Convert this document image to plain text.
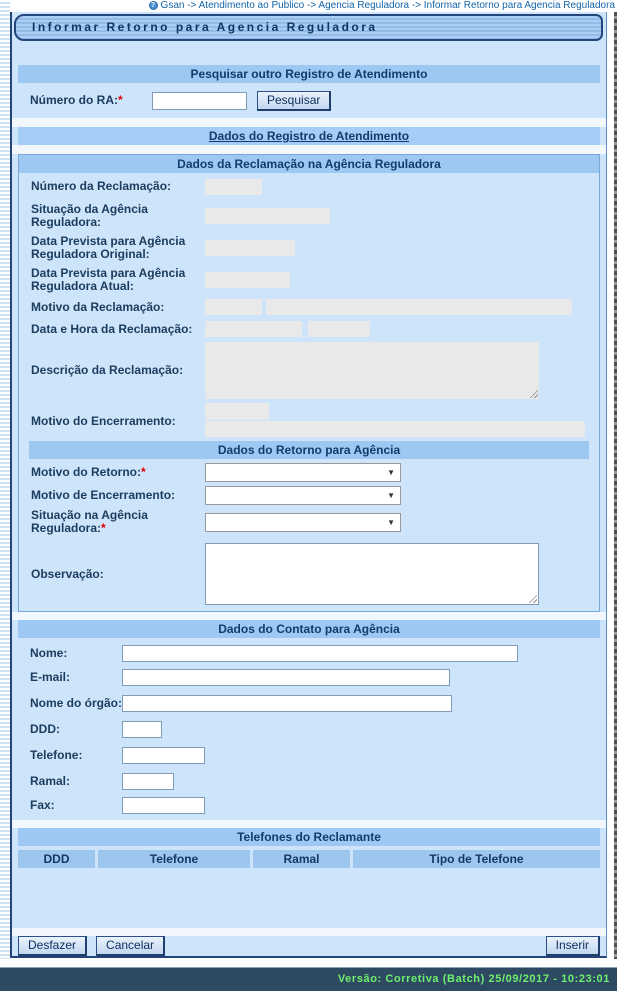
? Gsan -> Atendimento ao Publico -> Agencia Reguladora -> Informar Retorno para Agencia Reguladora
Informar Retorno para Agencia Reguladora
Pesquisar outro Registro de Atendimento
Número do RA:*	Pesquisar
Dados do Registro de Atendimento
Dados da Reclamação na Agência Reguladora
Número da Reclamação:
Situação da Agência Reguladora:
Data Prevista para Agência Reguladora Original:
Data Prevista para Agência Reguladora Atual:
Motivo da Reclamação:
Data e Hora da Reclamação:
Descrição da Reclamação:
Motivo do Encerramento:
Dados do Retorno para Agência
Motivo do Retorno:*	▼
Motivo de Encerramento:	▼
Situação na Agência Reguladora:*	▼
Observação:
Dados do Contato para Agência
Nome:
E-mail:
Nome do órgão:
DDD:
Telefone:
Ramal:
Fax:
Telefones do Reclamante
DDD	Telefone	Ramal	Tipo de Telefone
Desfazer	Cancelar	Inserir
Versão: Corretiva (Batch) 25/09/2017 - 10:23:01
